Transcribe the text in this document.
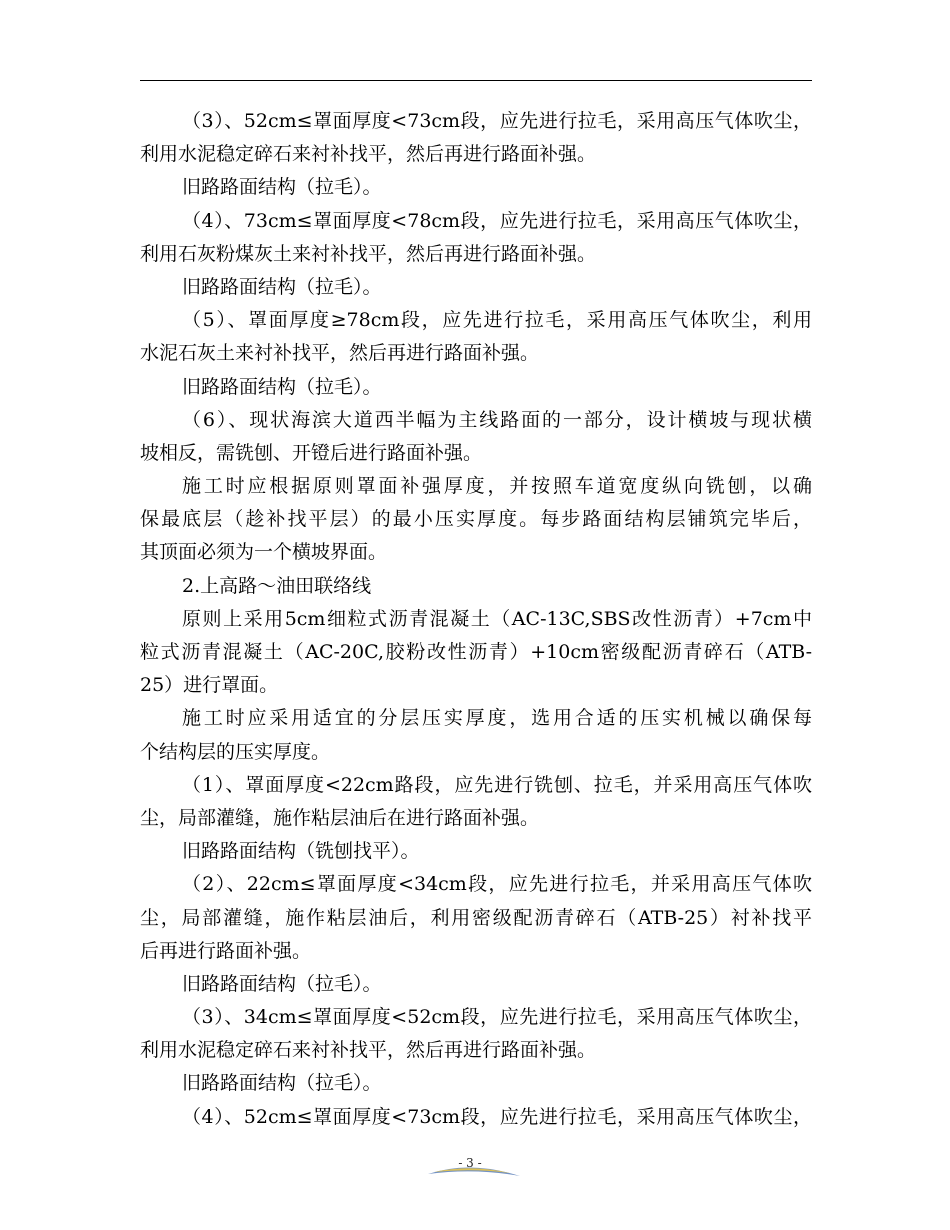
（3）、52cm≤罩面厚度<73cm段，应先进行拉毛，采用高压气体吹尘，
利用水泥稳定碎石来衬补找平，然后再进行路面补强。
旧路路面结构（拉毛）。
（4）、73cm≤罩面厚度<78cm段，应先进行拉毛，采用高压气体吹尘，
利用石灰粉煤灰土来衬补找平，然后再进行路面补强。
旧路路面结构（拉毛）。
（5）、罩面厚度≥78cm段，应先进行拉毛，采用高压气体吹尘，利用
水泥石灰土来衬补找平，然后再进行路面补强。
旧路路面结构（拉毛）。
（6）、现状海滨大道西半幅为主线路面的一部分，设计横坡与现状横
坡相反，需铣刨、开镫后进行路面补强。
施工时应根据原则罩面补强厚度，并按照车道宽度纵向铣刨，以确
保最底层（趁补找平层）的最小压实厚度。每步路面结构层铺筑完毕后，
其顶面必须为一个横坡界面。
2.上高路～油田联络线
原则上采用5cm细粒式沥青混凝土（AC-13C,SBS改性沥青）+7cm中
粒式沥青混凝土（AC-20C,胶粉改性沥青）+10cm密级配沥青碎石（ATB-
25）进行罩面。
施工时应采用适宜的分层压实厚度，选用合适的压实机械以确保每
个结构层的压实厚度。
（1）、罩面厚度<22cm路段，应先进行铣刨、拉毛，并采用高压气体吹
尘，局部灌缝，施作粘层油后在进行路面补强。
旧路路面结构（铣刨找平）。
（2）、22cm≤罩面厚度<34cm段，应先进行拉毛，并采用高压气体吹
尘，局部灌缝，施作粘层油后，利用密级配沥青碎石（ATB-25）衬补找平
后再进行路面补强。
旧路路面结构（拉毛）。
（3）、34cm≤罩面厚度<52cm段，应先进行拉毛，采用高压气体吹尘，
利用水泥稳定碎石来衬补找平，然后再进行路面补强。
旧路路面结构（拉毛）。
（4）、52cm≤罩面厚度<73cm段，应先进行拉毛，采用高压气体吹尘，
- 3 -
